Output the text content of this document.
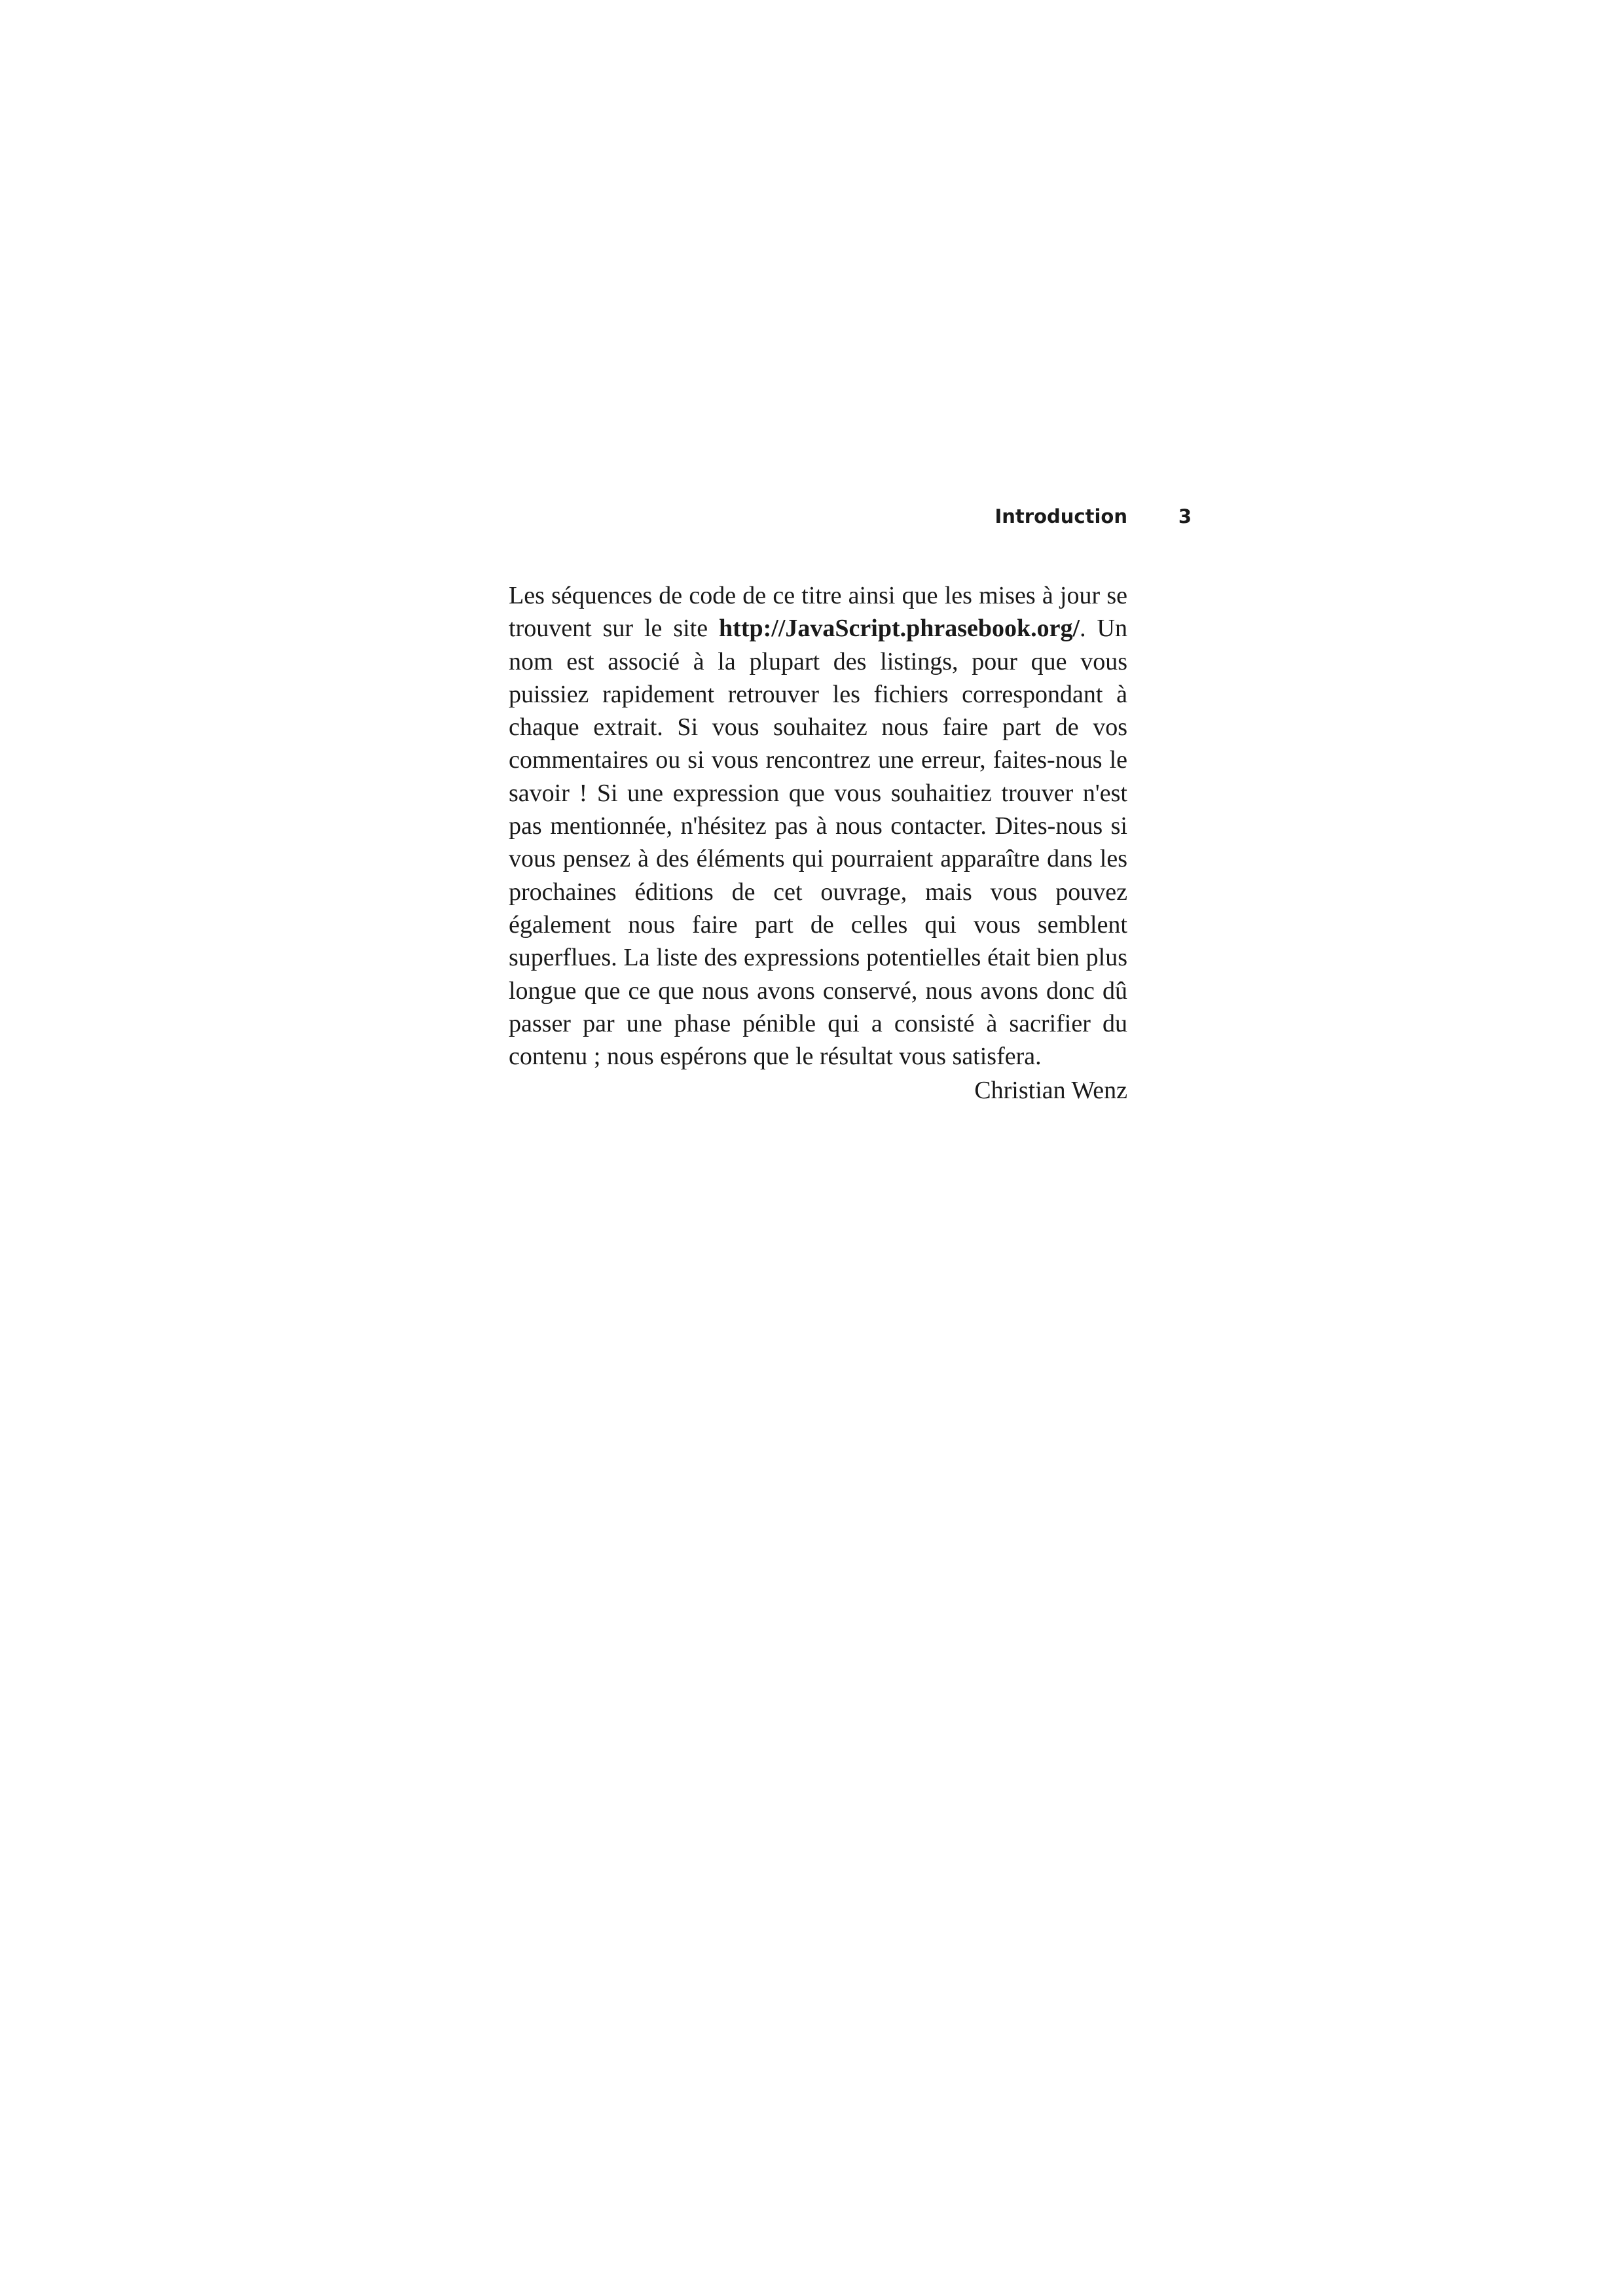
Introduction	3

Les séquences de code de ce titre ainsi que les mises à jour se trouvent sur le site http://JavaScript.phrasebook.org/. Un nom est associé à la plupart des listings, pour que vous puissiez rapidement retrouver les fichiers correspondant à chaque extrait. Si vous souhaitez nous faire part de vos commentaires ou si vous rencontrez une erreur, faites-nous le savoir ! Si une expression que vous souhaitiez trouver n'est pas mentionnée, n'hésitez pas à nous contacter. Dites-nous si vous pensez à des éléments qui pourraient apparaître dans les prochaines éditions de cet ouvrage, mais vous pouvez également nous faire part de celles qui vous semblent superflues. La liste des expressions potentielles était bien plus longue que ce que nous avons conservé, nous avons donc dû passer par une phase pénible qui a consisté à sacrifier du contenu ; nous espérons que le résultat vous satisfera.

Christian Wenz
